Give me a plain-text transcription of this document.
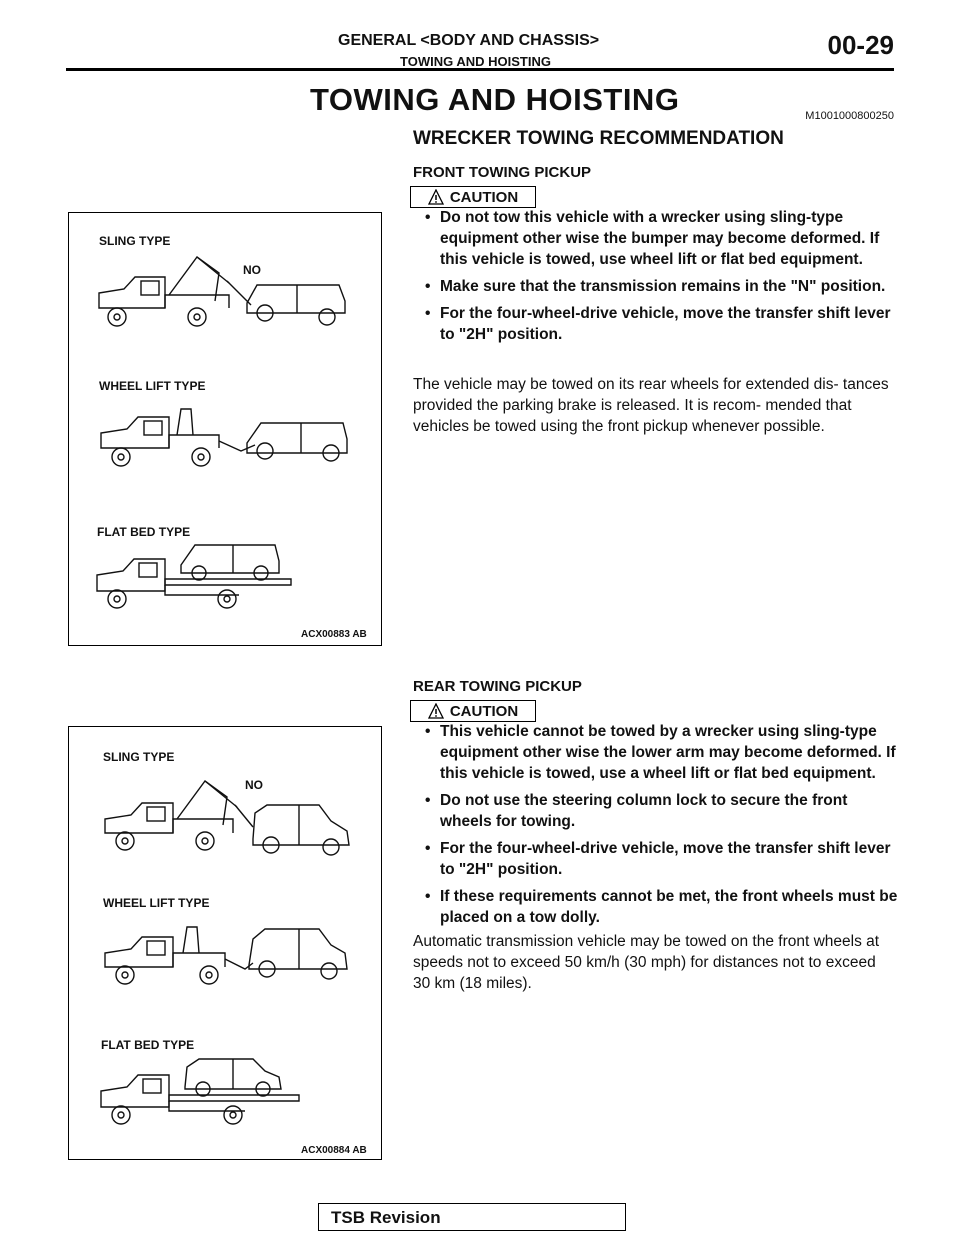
GENERAL <BODY AND CHASSIS>
TOWING AND HOISTING
00-29
TOWING AND HOISTING	M1001000800250
WRECKER TOWING RECOMMENDATION
FRONT TOWING PICKUP
CAUTION
• Do not tow this vehicle with a wrecker using sling-type equipment other wise the bumper may become deformed. If this vehicle is towed, use wheel lift or flat bed equipment.
• Make sure that the transmission remains in the "N" position.
• For the four-wheel-drive vehicle, move the transfer shift lever to "2H" position.

The vehicle may be towed on its rear wheels for extended dis- tances provided the parking brake is released. It is recom- mended that vehicles be towed using the front pickup whenever possible.

SLING TYPE
NO
WHEEL LIFT TYPE
FLAT BED TYPE
ACX00883 AB
REAR TOWING PICKUP
CAUTION
• This vehicle cannot be towed by a wrecker using sling-type equipment other wise the lower arm may become deformed. If this vehicle is towed, use a wheel lift or flat bed equipment.
• Do not use the steering column lock to secure the front wheels for towing.
• For the four-wheel-drive vehicle, move the transfer shift lever to "2H" position.
• If these requirements cannot be met, the front wheels must be placed on a tow dolly.

Automatic transmission vehicle may be towed on the front wheels at speeds not to exceed 50 km/h (30 mph) for distances not to exceed 30 km (18 miles).

SLING TYPE
NO
WHEEL LIFT TYPE
FLAT BED TYPE
ACX00884 AB
TSB Revision
